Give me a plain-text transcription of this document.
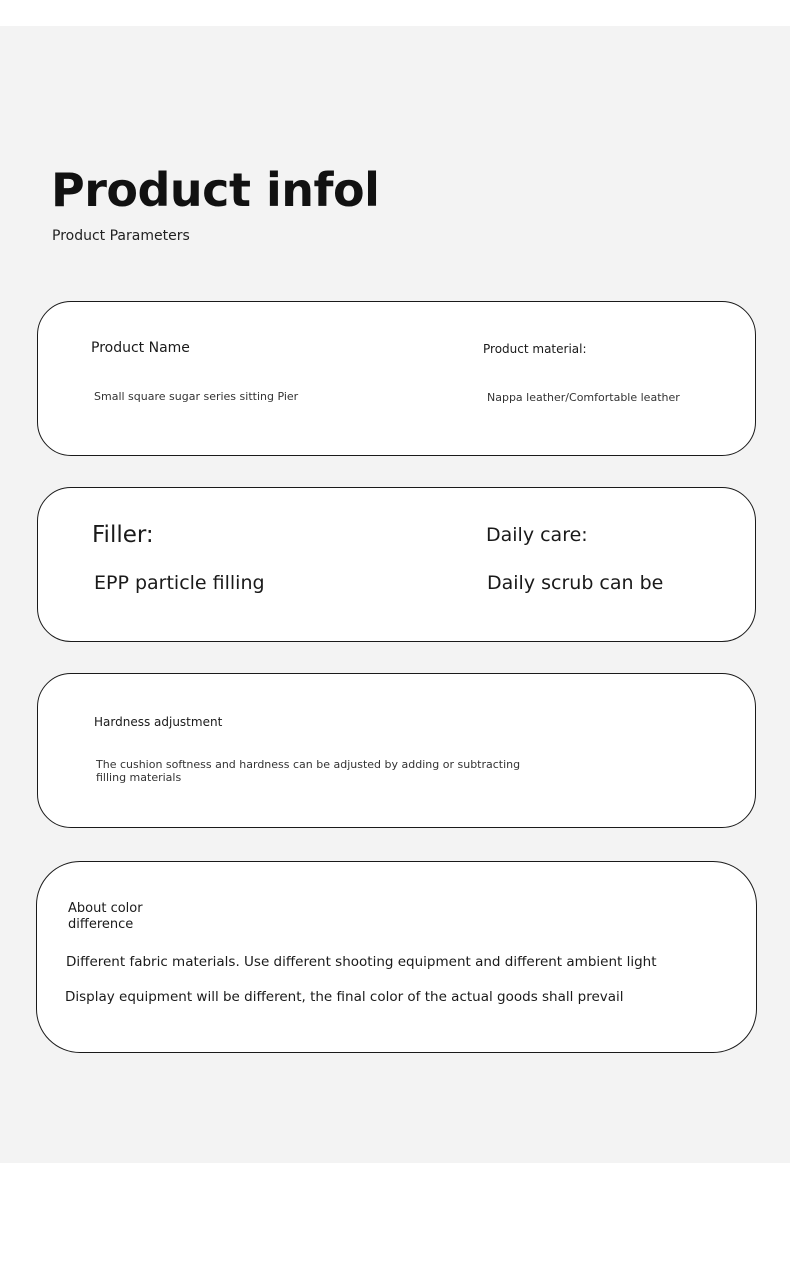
Product infol

Product Parameters

Product Name

Small square sugar series sitting Pier

Product material:

Nappa leather/Comfortable leather

Filler:

EPP particle filling

Daily care:

Daily scrub can be

Hardness adjustment

The cushion softness and hardness can be adjusted by adding or subtracting filling materials

About color difference

Different fabric materials. Use different shooting equipment and different ambient light

Display equipment will be different, the final color of the actual goods shall prevail
